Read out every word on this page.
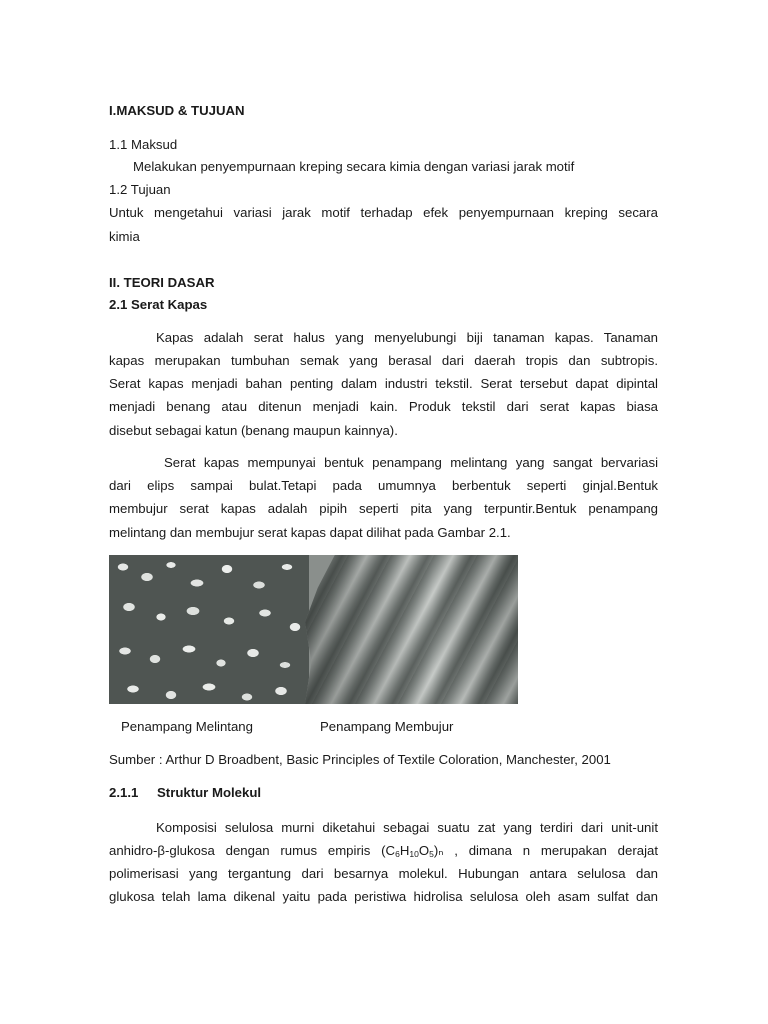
I.MAKSUD & TUJUAN

1.1 Maksud

Melakukan penyempurnaan kreping secara kimia dengan variasi jarak motif

1.2 Tujuan

Untuk mengetahui variasi jarak motif terhadap efek penyempurnaan kreping secara

kimia

II. TEORI DASAR

2.1 Serat Kapas

Kapas adalah serat halus yang menyelubungi biji tanaman kapas. Tanaman

kapas merupakan tumbuhan semak yang berasal dari daerah tropis dan subtropis.

Serat kapas menjadi bahan penting dalam industri tekstil. Serat tersebut dapat dipintal

menjadi benang atau ditenun menjadi kain. Produk tekstil dari serat kapas biasa

disebut sebagai katun (benang maupun kainnya).

Serat kapas mempunyai bentuk penampang melintang yang sangat bervariasi

dari elips sampai bulat.Tetapi pada umumnya berbentuk seperti ginjal.Bentuk

membujur serat kapas adalah pipih seperti pita yang terpuntir.Bentuk penampang

melintang dan membujur serat kapas dapat dilihat pada Gambar 2.1.

Penampang Melintang	Penampang Membujur

Sumber : Arthur D Broadbent, Basic Principles of Textile Coloration, Manchester, 2001

2.1.1 Struktur Molekul

Komposisi selulosa murni diketahui sebagai suatu zat yang terdiri dari unit-unit

anhidro-β-glukosa dengan rumus empiris $(C_6H_{10}O_5)_n$ , dimana n merupakan derajat

polimerisasi yang tergantung dari besarnya molekul. Hubungan antara selulosa dan

glukosa telah lama dikenal yaitu pada peristiwa hidrolisa selulosa oleh asam sulfat dan
